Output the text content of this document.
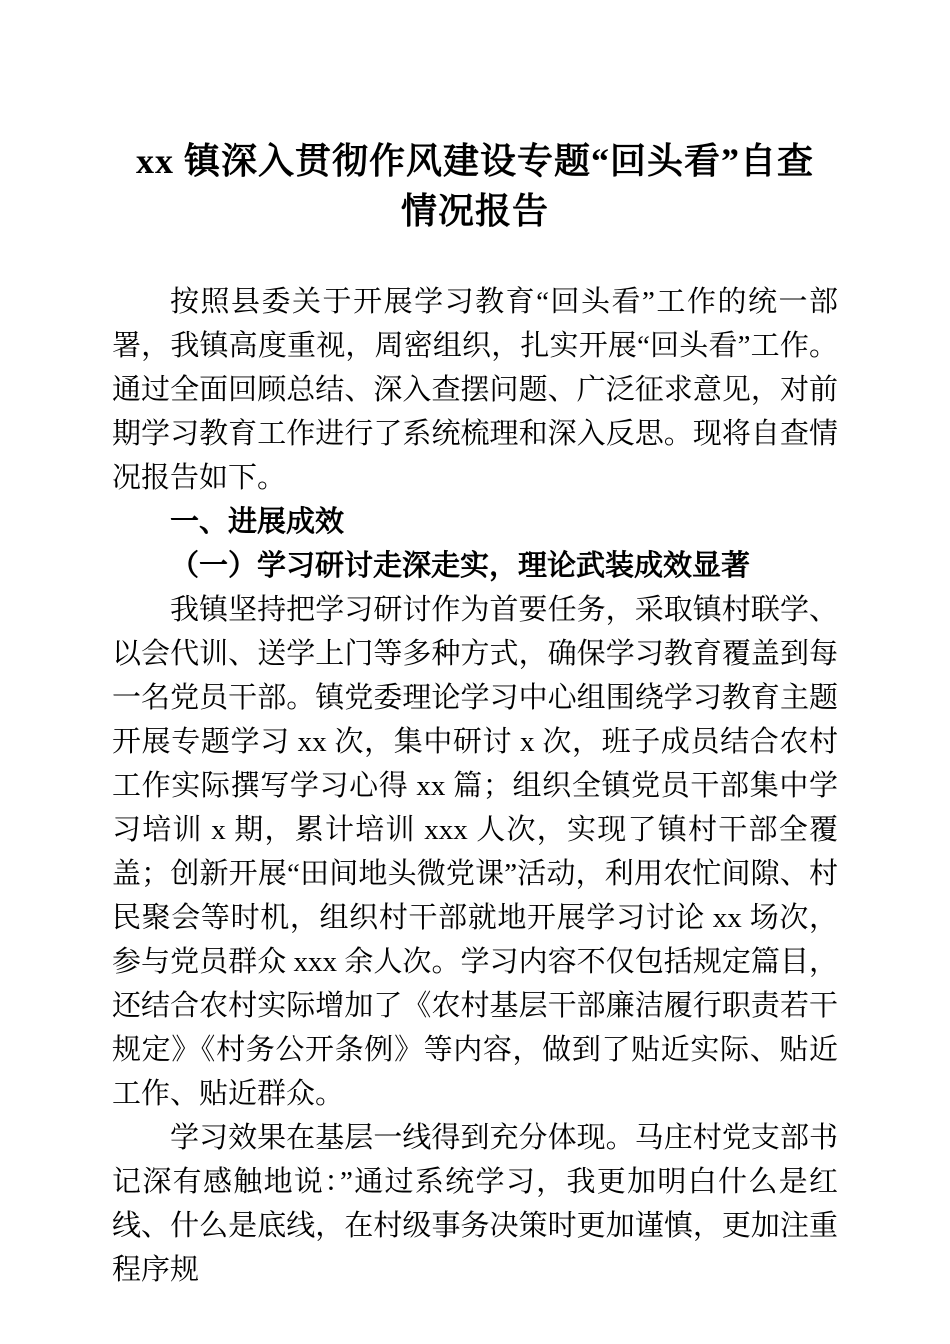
xx 镇深入贯彻作风建设专题“回头看”自查
情况报告

按照县委关于开展学习教育“回头看”工作的统一部署，我镇高度重视，周密组织，扎实开展“回头看”工作。通过全面回顾总结、深入查摆问题、广泛征求意见，对前期学习教育工作进行了系统梳理和深入反思。现将自查情况报告如下。

一、进展成效
（一）学习研讨走深走实，理论武装成效显著

我镇坚持把学习研讨作为首要任务，采取镇村联学、以会代训、送学上门等多种方式，确保学习教育覆盖到每一名党员干部。镇党委理论学习中心组围绕学习教育主题开展专题学习 xx 次，集中研讨 x 次，班子成员结合农村工作实际撰写学习心得 xx 篇；组织全镇党员干部集中学习培训 x 期，累计培训 xxx 人次，实现了镇村干部全覆盖；创新开展“田间地头微党课”活动，利用农忙间隙、村民聚会等时机，组织村干部就地开展学习讨论 xx 场次，参与党员群众 xxx 余人次。学习内容不仅包括规定篇目，还结合农村实际增加了《农村基层干部廉洁履行职责若干规定》《村务公开条例》等内容，做到了贴近实际、贴近工作、贴近群众。

学习效果在基层一线得到充分体现。马庄村党支部书记深有感触地说：”通过系统学习，我更加明白什么是红线、什么是底线，在村级事务决策时更加谨慎，更加注重程序规
